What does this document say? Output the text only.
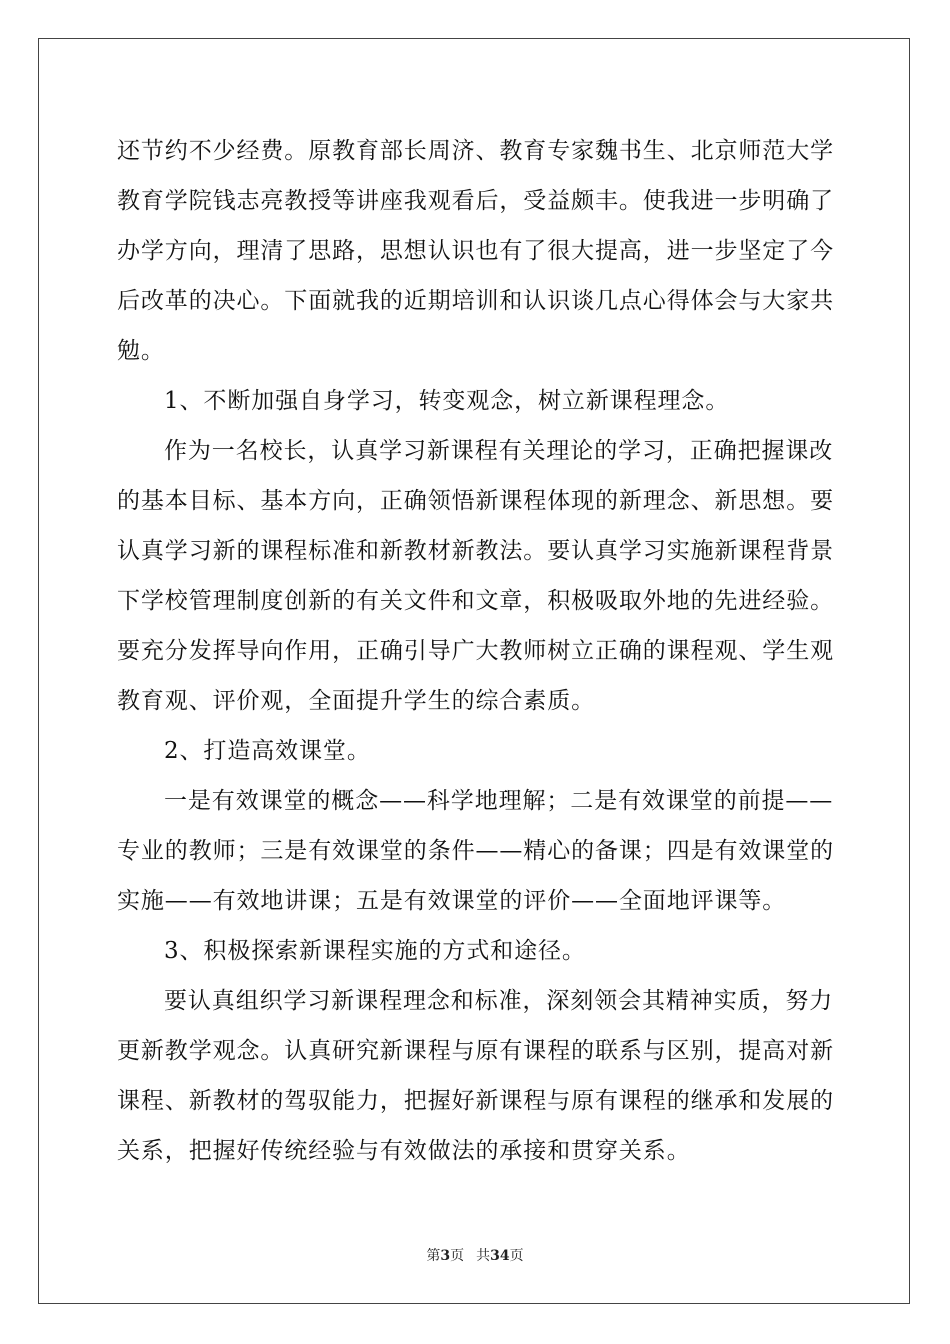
还节约不少经费。原教育部长周济、教育专家魏书生、北京师范大学
教育学院钱志亮教授等讲座我观看后，受益颇丰。使我进一步明确了
办学方向，理清了思路，思想认识也有了很大提高，进一步坚定了今
后改革的决心。下面就我的近期培训和认识谈几点心得体会与大家共
勉。
1、不断加强自身学习，转变观念，树立新课程理念。
作为一名校长，认真学习新课程有关理论的学习，正确把握课改
的基本目标、基本方向，正确领悟新课程体现的新理念、新思想。要
认真学习新的课程标准和新教材新教法。要认真学习实施新课程背景
下学校管理制度创新的有关文件和文章，积极吸取外地的先进经验。
要充分发挥导向作用，正确引导广大教师树立正确的课程观、学生观
教育观、评价观，全面提升学生的综合素质。
2、打造高效课堂。
一是有效课堂的概念——科学地理解；二是有效课堂的前提——
专业的教师；三是有效课堂的条件——精心的备课；四是有效课堂的
实施——有效地讲课；五是有效课堂的评价——全面地评课等。
3、积极探索新课程实施的方式和途径。
要认真组织学习新课程理念和标准，深刻领会其精神实质，努力
更新教学观念。认真研究新课程与原有课程的联系与区别，提高对新
课程、新教材的驾驭能力，把握好新课程与原有课程的继承和发展的
关系，把握好传统经验与有效做法的承接和贯穿关系。
第3页 共34页
